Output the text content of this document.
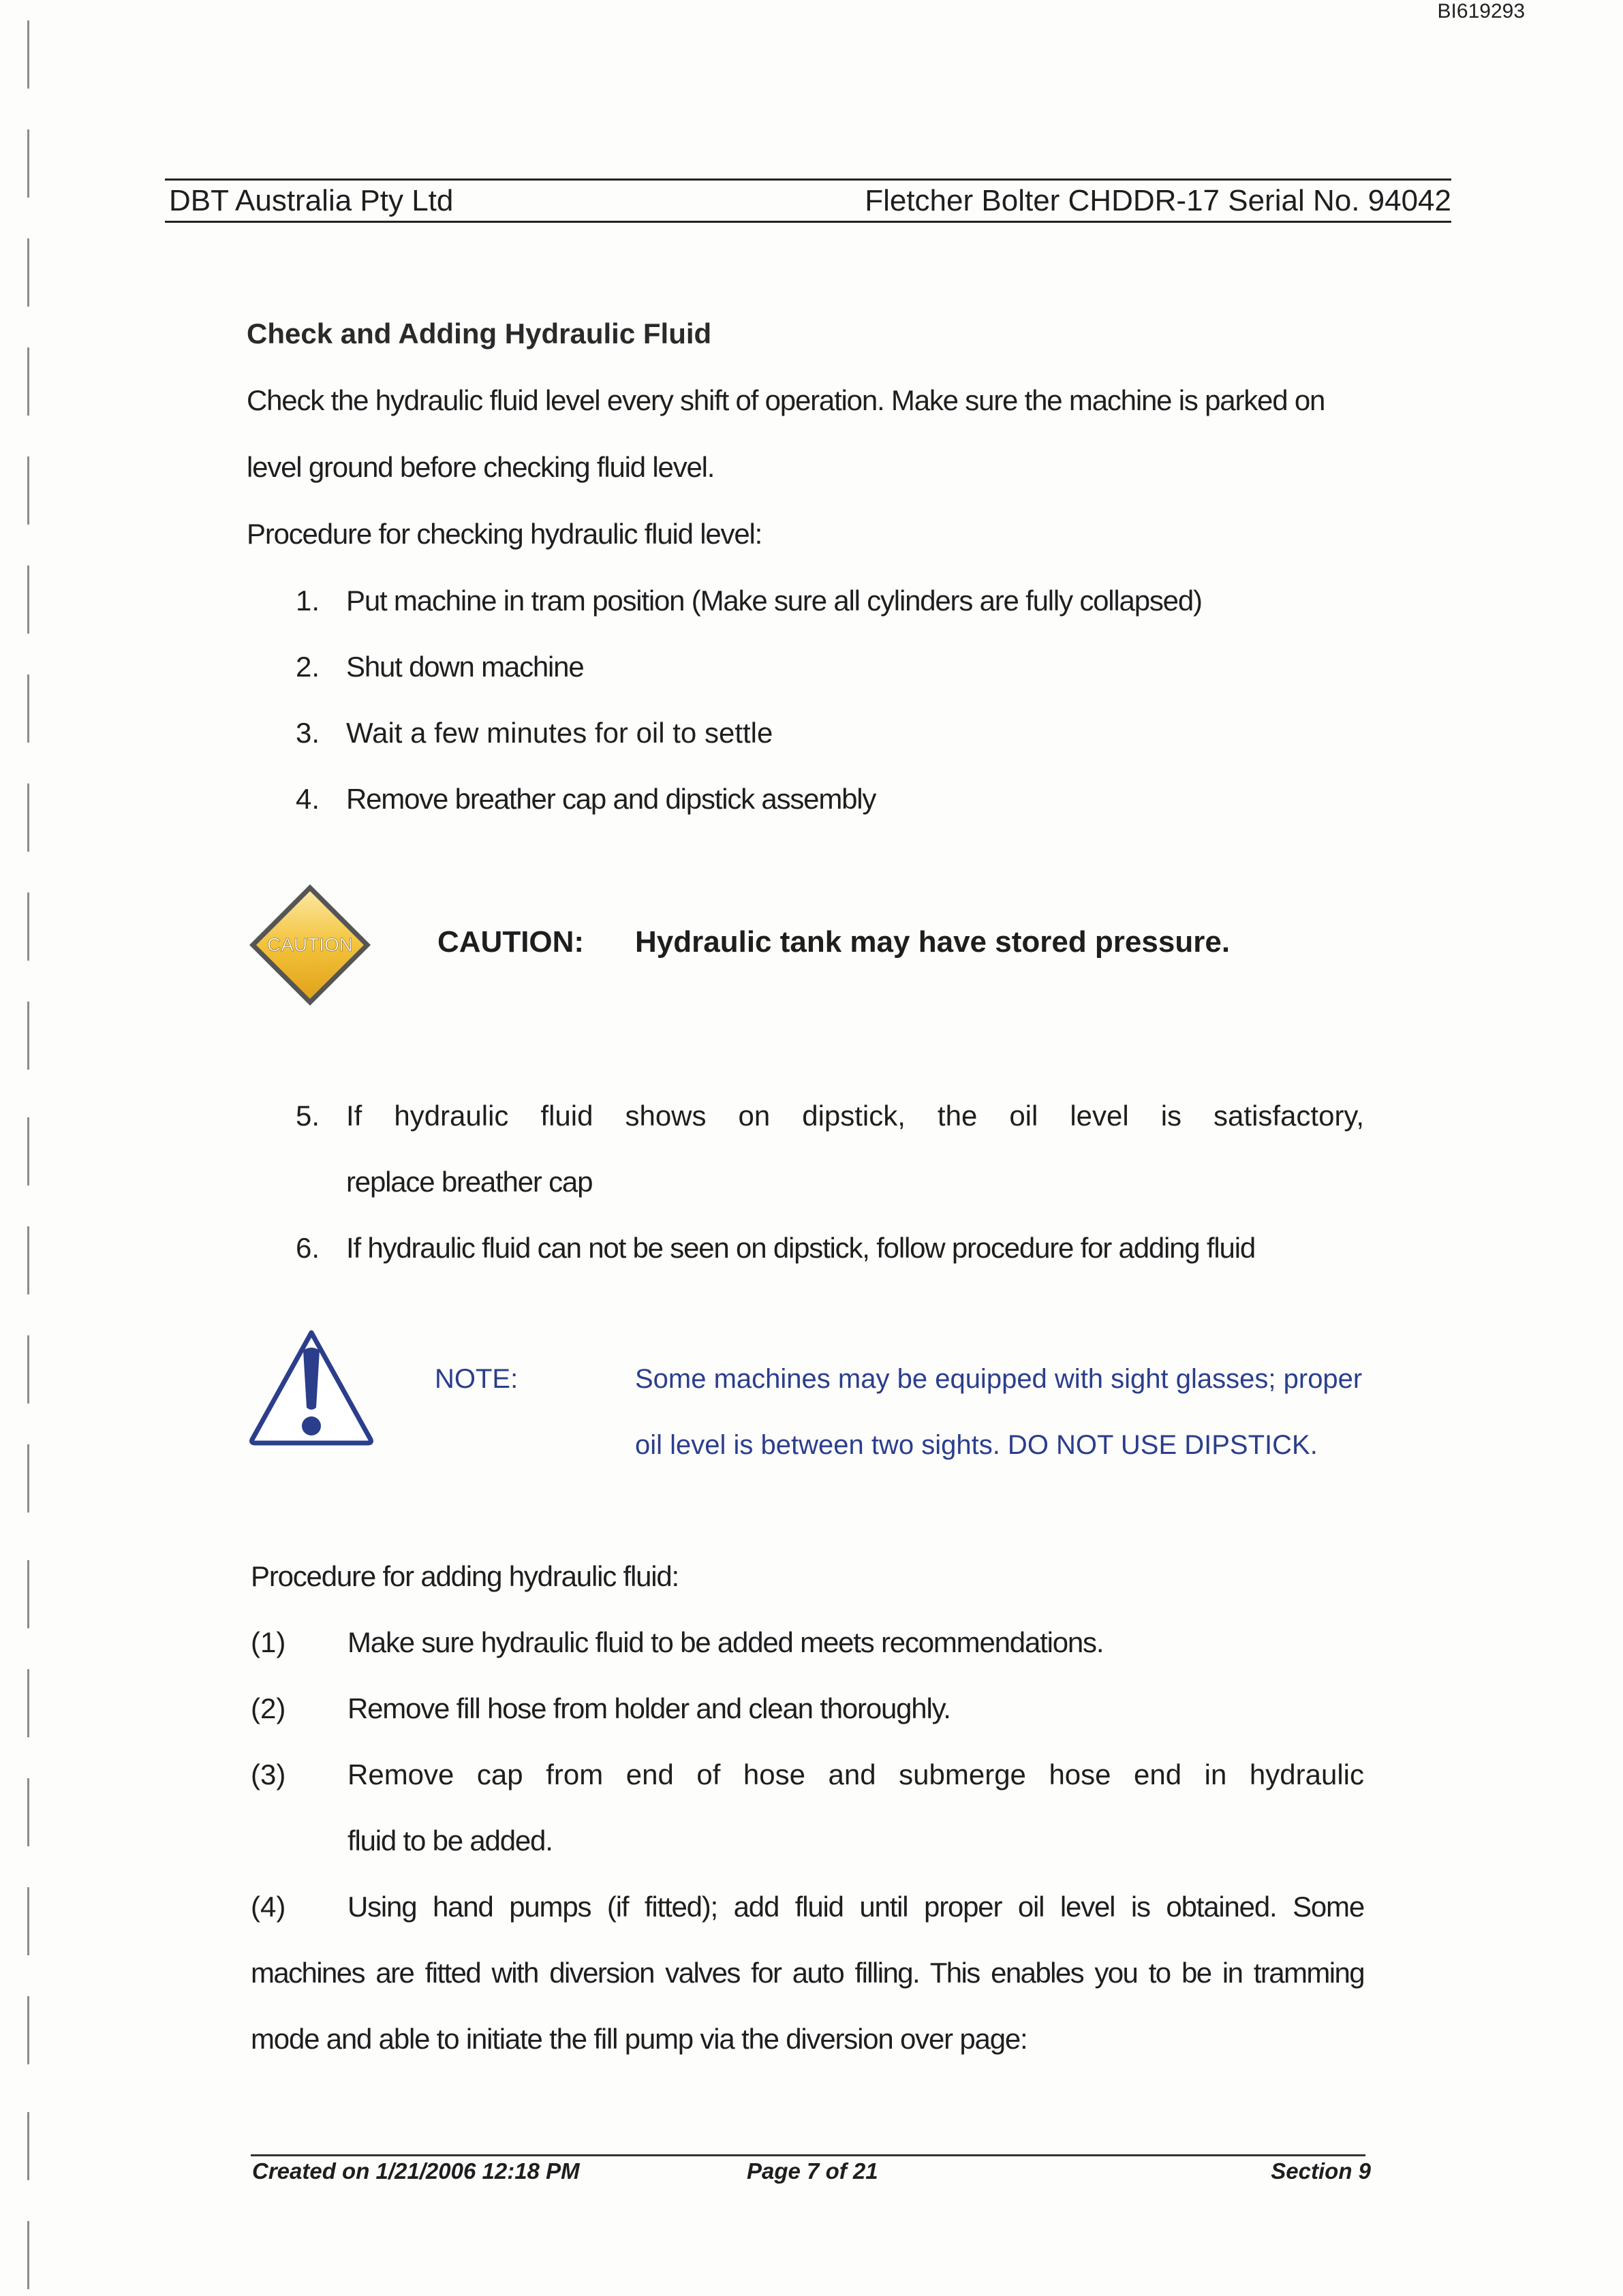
BI619293
DBT Australia Pty Ltd	Fletcher Bolter CHDDR-17 Serial No. 94042
Check and Adding Hydraulic Fluid
Check the hydraulic fluid level every shift of operation. Make sure the machine is parked on
level ground before checking fluid level.
Procedure for checking hydraulic fluid level:
1. Put machine in tram position (Make sure all cylinders are fully collapsed)
2. Shut down machine
3. Wait a few minutes for oil to settle
4. Remove breather cap and dipstick assembly
CAUTION	CAUTION: Hydraulic tank may have stored pressure.
5. If hydraulic fluid shows on dipstick, the oil level is satisfactory,
replace breather cap
6. If hydraulic fluid can not be seen on dipstick, follow procedure for adding fluid
NOTE:	Some machines may be equipped with sight glasses; proper
oil level is between two sights. DO NOT USE DIPSTICK.
Procedure for adding hydraulic fluid:
(1) Make sure hydraulic fluid to be added meets recommendations.
(2) Remove fill hose from holder and clean thoroughly.
(3) Remove cap from end of hose and submerge hose end in hydraulic
fluid to be added.
(4) Using hand pumps (if fitted); add fluid until proper oil level is obtained. Some
machines are fitted with diversion valves for auto filling. This enables you to be in tramming
mode and able to initiate the fill pump via the diversion over page:
Created on 1/21/2006 12:18 PM	Page 7 of 21	Section 9
